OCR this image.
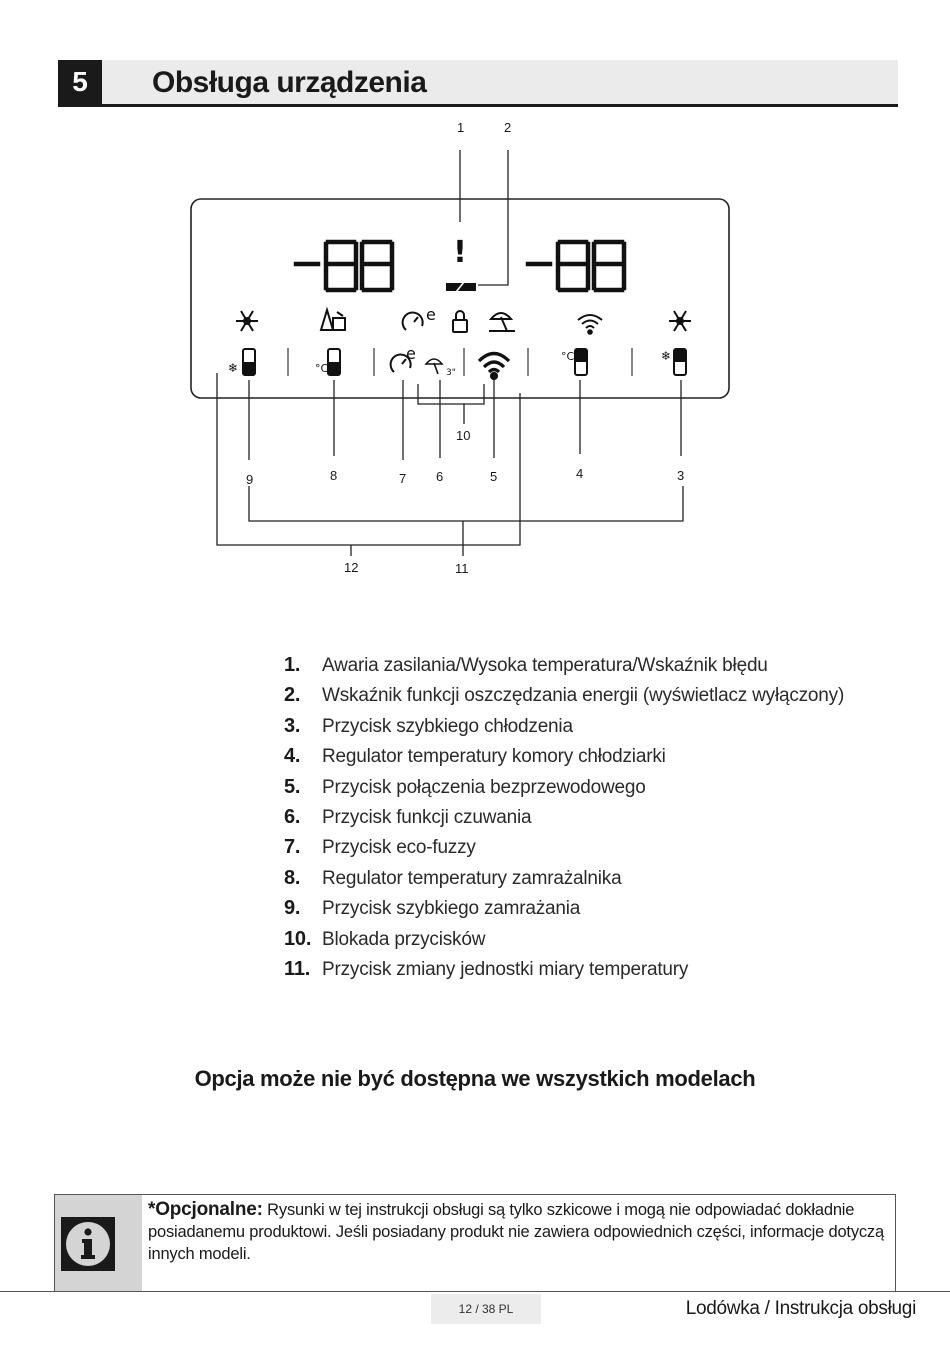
5	Obsługa urządzenia
!
e
❄	°C
e
3"
°C	❄
1	2
3
4
5
6
7
8
9
10
11
12
1. Awaria zasilania/Wysoka temperatura/Wskaźnik błędu
2. Wskaźnik funkcji oszczędzania energii (wyświetlacz wyłączony)
3. Przycisk szybkiego chłodzenia
4. Regulator temperatury komory chłodziarki
5. Przycisk połączenia bezprzewodowego
6. Przycisk funkcji czuwania
7. Przycisk eco-fuzzy
8. Regulator temperatury zamrażalnika
9. Przycisk szybkiego zamrażania
10. Blokada przycisków
11. Przycisk zmiany jednostki miary temperatury
Opcja może nie być dostępna we wszystkich modelach
*Opcjonalne: Rysunki w tej instrukcji obsługi są tylko szkicowe i mogą nie odpowiadać dokładnie posiadanemu produktowi. Jeśli posiadany produkt nie zawiera odpowiednich części, informacje dotyczą innych modeli.
12 / 38 PL	Lodówka / Instrukcja obsługi
